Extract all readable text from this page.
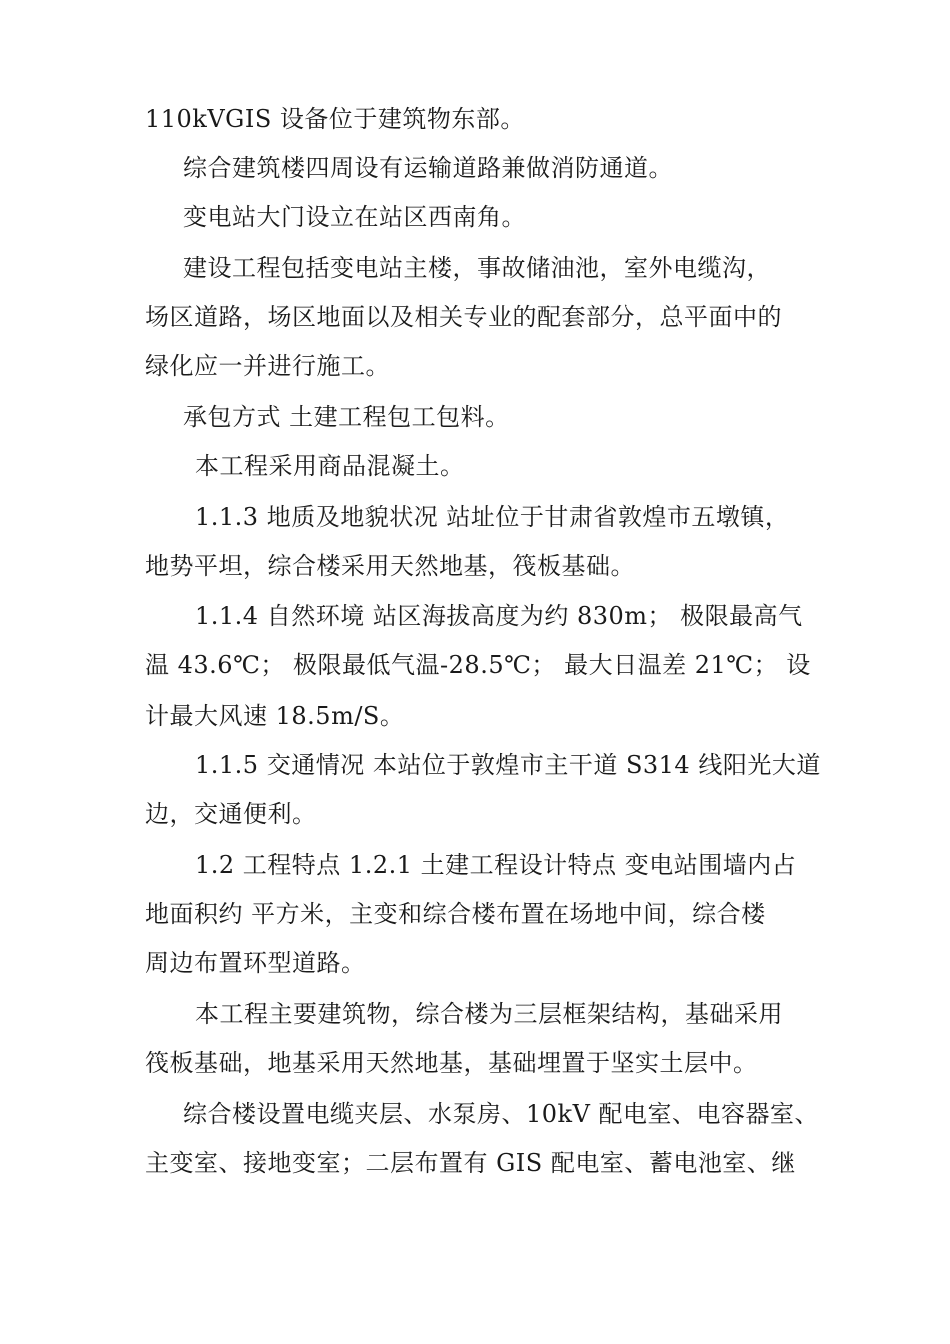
110kVGIS 设备位于建筑物东部。
综合建筑楼四周设有运输道路兼做消防通道。
变电站大门设立在站区西南角。
建设工程包括变电站主楼，事故储油池，室外电缆沟，
场区道路，场区地面以及相关专业的配套部分，总平面中的
绿化应一并进行施工。
承包方式 土建工程包工包料。
本工程采用商品混凝土。
1.1.3 地质及地貌状况 站址位于甘肃省敦煌市五墩镇，
地势平坦，综合楼采用天然地基，筏板基础。
1.1.4 自然环境 站区海拔高度为约 830m； 极限最高气
温 43.6℃； 极限最低气温-28.5℃； 最大日温差 21℃； 设
计最大风速 18.5m/S。
1.1.5 交通情况 本站位于敦煌市主干道 S314 线阳光大道
边，交通便利。
1.2 工程特点 1.2.1 土建工程设计特点 变电站围墙内占
地面积约 平方米，主变和综合楼布置在场地中间，综合楼
周边布置环型道路。
本工程主要建筑物，综合楼为三层框架结构，基础采用
筏板基础，地基采用天然地基，基础埋置于坚实土层中。
综合楼设置电缆夹层、水泵房、10kV 配电室、电容器室、
主变室、接地变室；二层布置有 GIS 配电室、蓄电池室、继
